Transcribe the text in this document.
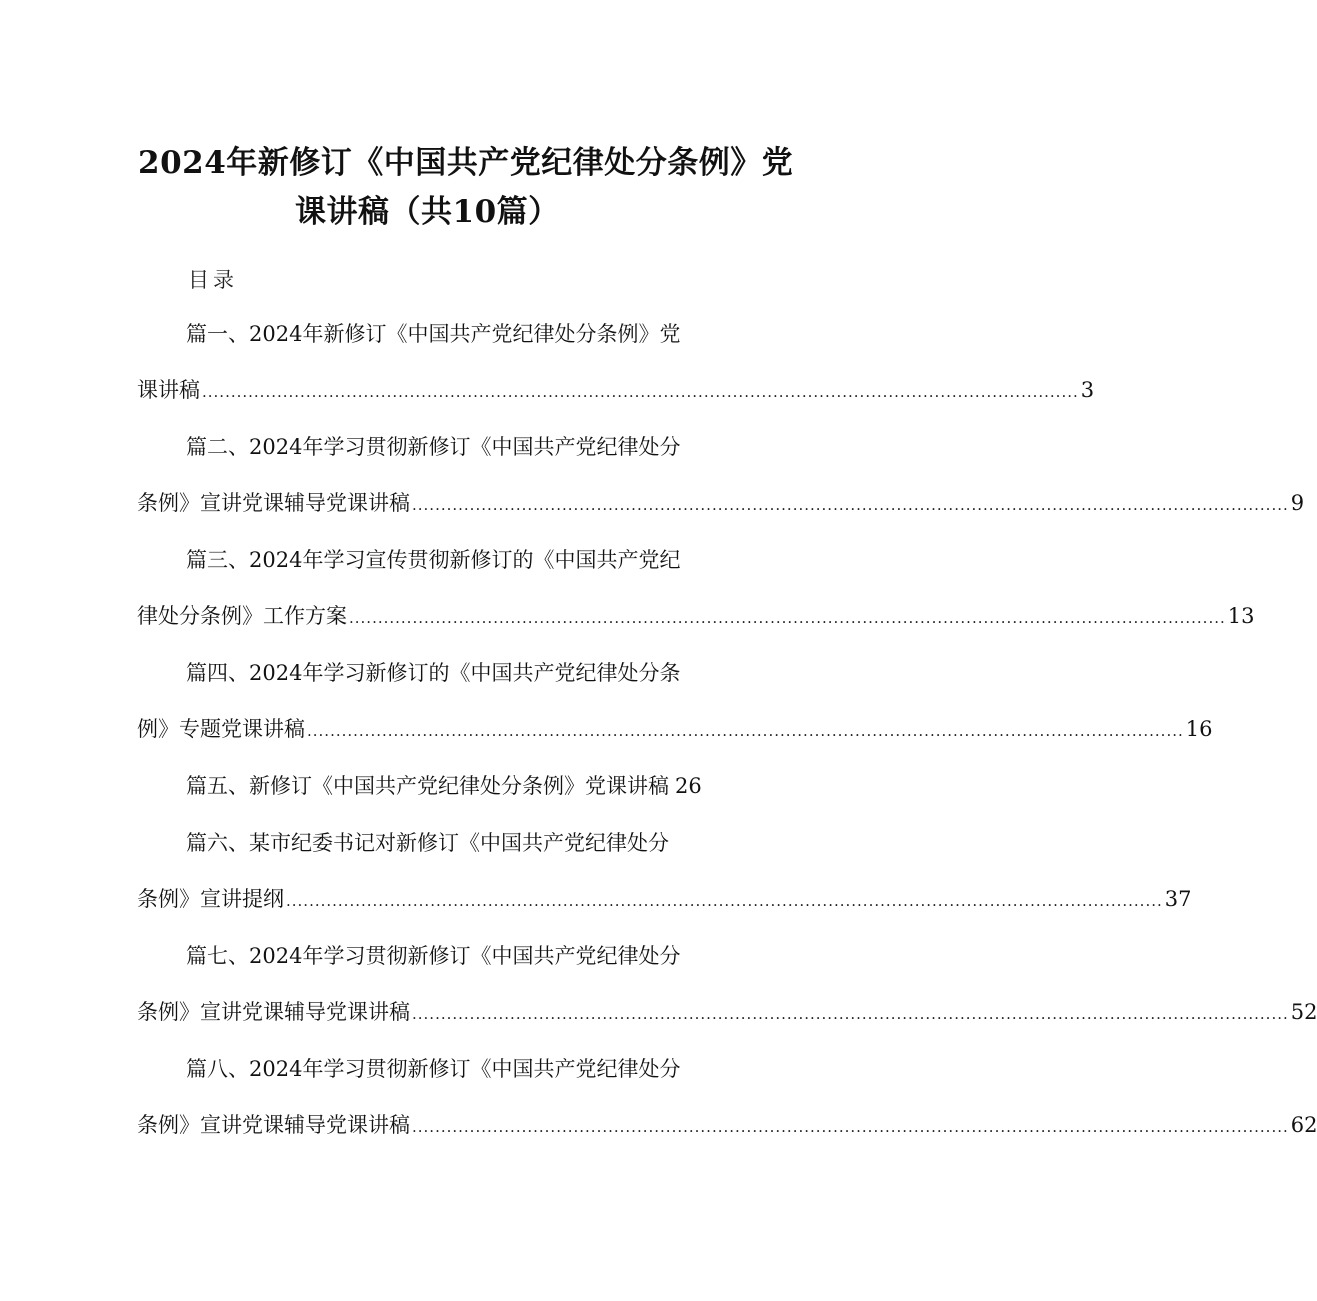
2024年新修订《中国共产党纪律处分条例》党
课讲稿（共10篇）
目录
篇一、2024年新修订《中国共产党纪律处分条例》党
课讲稿 ........................................................................................................................................................ 3
篇二、2024年学习贯彻新修订《中国共产党纪律处分
条例》宣讲党课辅导党课讲稿 ........................................................................................................................................................ 9
篇三、2024年学习宣传贯彻新修订的《中国共产党纪
律处分条例》工作方案 ........................................................................................................................................................ 13
篇四、2024年学习新修订的《中国共产党纪律处分条
例》专题党课讲稿 ........................................................................................................................................................ 16
篇五、新修订《中国共产党纪律处分条例》党课讲稿 26
篇六、某市纪委书记对新修订《中国共产党纪律处分
条例》宣讲提纲 ........................................................................................................................................................ 37
篇七、2024年学习贯彻新修订《中国共产党纪律处分
条例》宣讲党课辅导党课讲稿 ........................................................................................................................................................ 52
篇八、2024年学习贯彻新修订《中国共产党纪律处分
条例》宣讲党课辅导党课讲稿 ........................................................................................................................................................ 62
